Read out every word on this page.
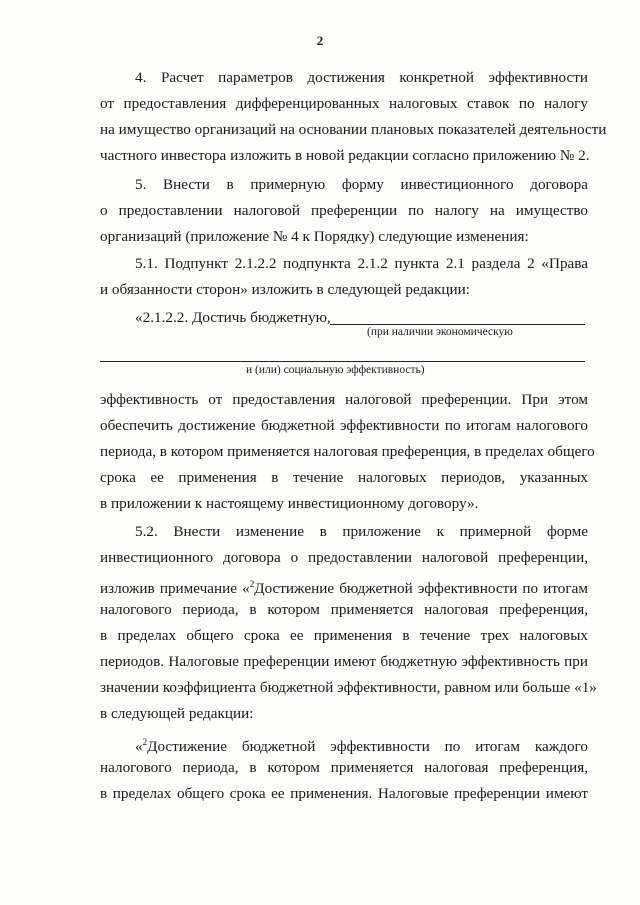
2
4. Расчет параметров достижения конкретной эффективности
от предоставления дифференцированных налоговых ставок по налогу
на имущество организаций на основании плановых показателей деятельности
частного инвестора изложить в новой редакции согласно приложению № 2.
5. Внести в примерную форму инвестиционного договора
о предоставлении налоговой преференции по налогу на имущество
организаций (приложение № 4 к Порядку) следующие изменения:
5.1. Подпункт 2.1.2.2 подпункта 2.1.2 пункта 2.1 раздела 2 «Права
и обязанности сторон» изложить в следующей редакции:
«2.1.2.2. Достичь бюджетную,
(при наличии экономическую
и (или) социальную эффективность)
эффективность от предоставления налоговой преференции. При этом
обеспечить достижение бюджетной эффективности по итогам налогового
периода, в котором применяется налоговая преференция, в пределах общего
срока ее применения в течение налоговых периодов, указанных
в приложении к настоящему инвестиционному договору».
5.2. Внести изменение в приложение к примерной форме
инвестиционного договора о предоставлении налоговой преференции,
изложив примечание «$^2$Достижение бюджетной эффективности по итогам
налогового периода, в котором применяется налоговая преференция,
в пределах общего срока ее применения в течение трех налоговых
периодов. Налоговые преференции имеют бюджетную эффективность при
значении коэффициента бюджетной эффективности, равном или больше «1»
в следующей редакции:
«$^2$Достижение бюджетной эффективности по итогам каждого
налогового периода, в котором применяется налоговая преференция,
в пределах общего срока ее применения. Налоговые преференции имеют
